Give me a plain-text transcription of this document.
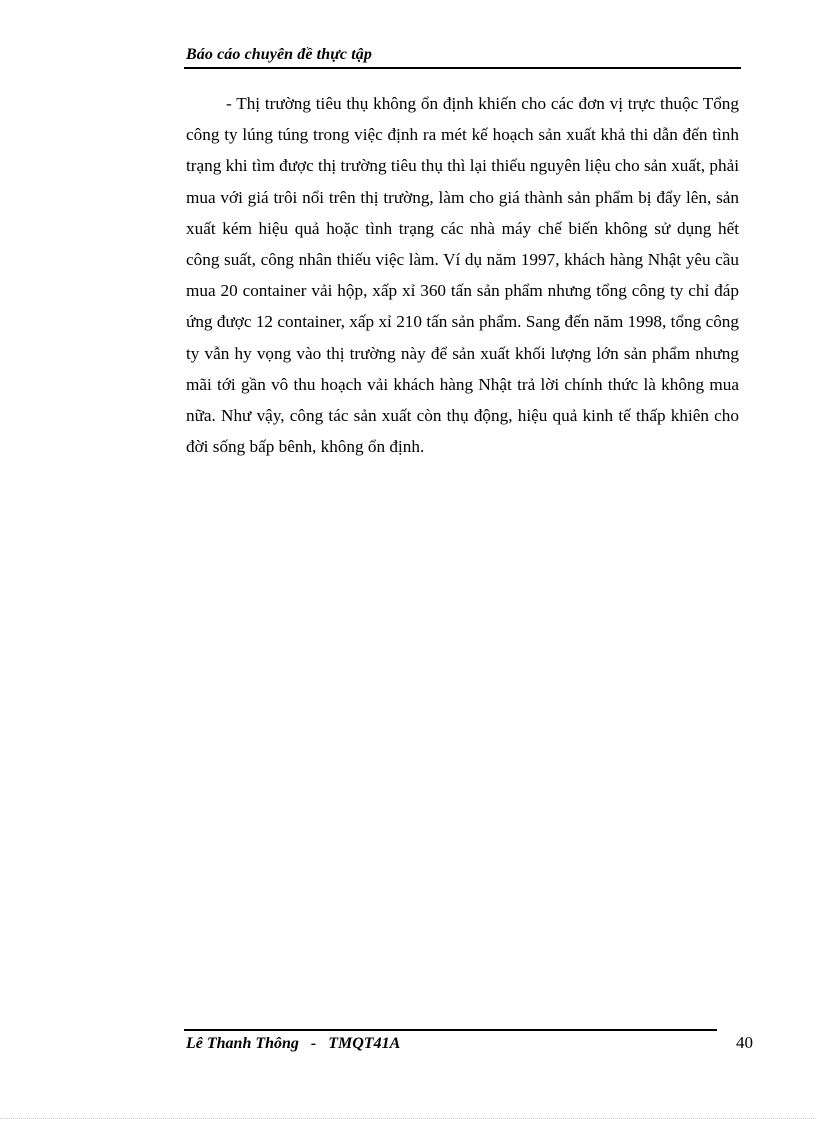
Báo cáo chuyên đề thực tập

- Thị trường tiêu thụ không ổn định khiến cho các đơn vị trực thuộc Tổng công ty lúng túng trong việc định ra mét kế hoạch sản xuất khả thi dẫn đến tình trạng khi tìm được thị trường tiêu thụ thì lại thiếu nguyên liệu cho sản xuất, phải mua với giá trôi nổi trên thị trường, làm cho giá thành sản phẩm bị đẩy lên, sản xuất kém hiệu quả hoặc tình trạng các nhà máy chế biến không sử dụng hết công suất, công nhân thiếu việc làm. Ví dụ năm 1997, khách hàng Nhật yêu cầu mua 20 container vải hộp, xấp xỉ 360 tấn sản phẩm nhưng tổng công ty chỉ đáp ứng được 12 container, xấp xỉ 210 tấn sản phẩm. Sang đến năm 1998, tổng công ty vẫn hy vọng vào thị trường này để sản xuất khối lượng lớn sản phẩm nhưng mãi tới gần vô thu hoạch vải khách hàng Nhật trả lời chính thức là không mua nữa. Như vậy, công tác sản xuất còn thụ động, hiệu quả kinh tế thấp khiên cho đời sống bấp bênh, không ổn định.

Lê Thanh Thông   -   TMQT41A	40
